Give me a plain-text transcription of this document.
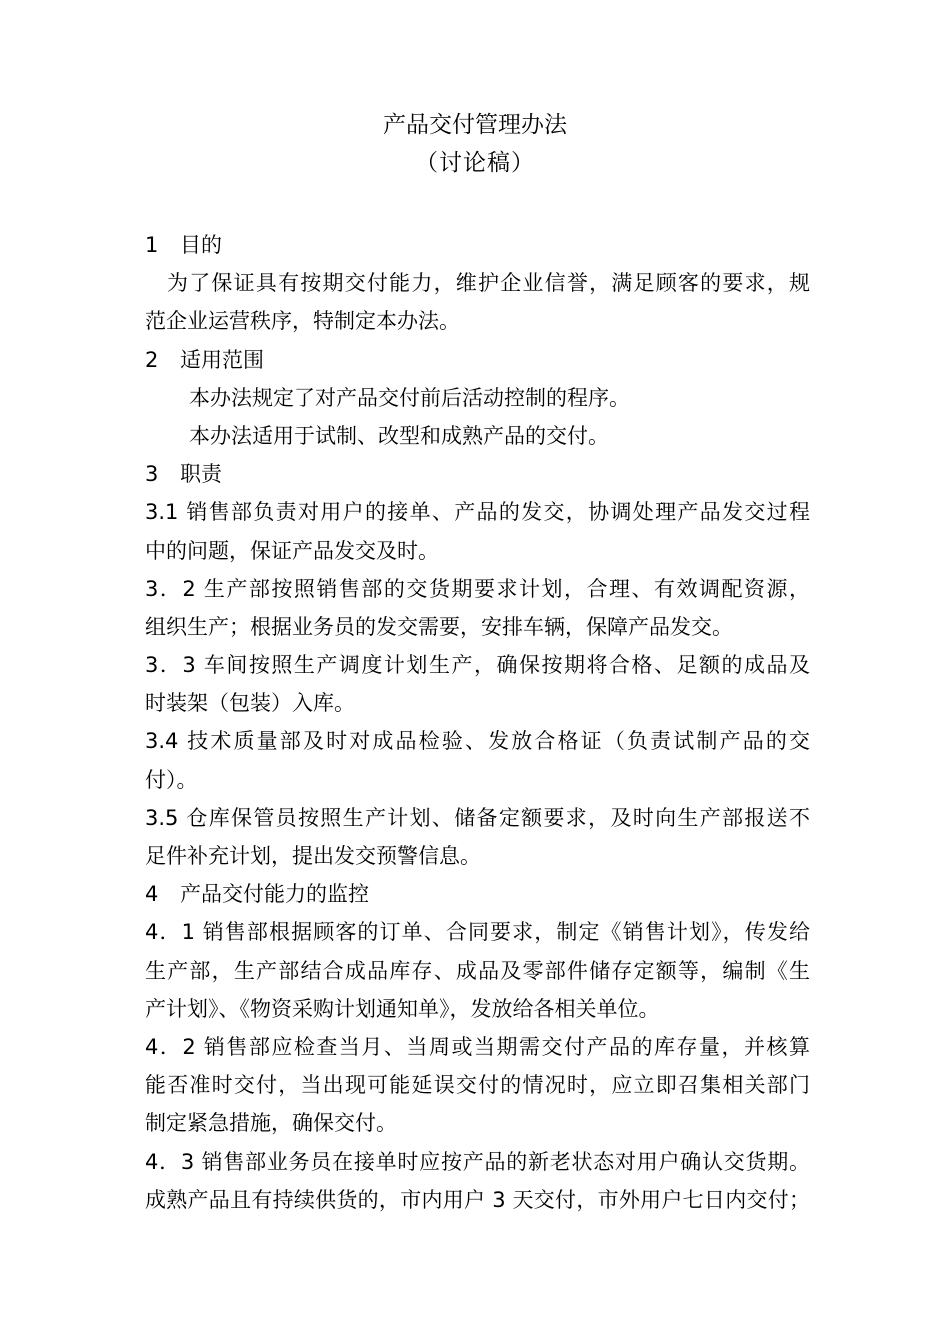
产品交付管理办法
（讨论稿）
1 目的
为了保证具有按期交付能力，维护企业信誉，满足顾客的要求，规
范企业运营秩序，特制定本办法。
2 适用范围
本办法规定了对产品交付前后活动控制的程序。
本办法适用于试制、改型和成熟产品的交付。
3 职责
3.1 销售部负责对用户的接单、产品的发交，协调处理产品发交过程
中的问题，保证产品发交及时。
3．2 生产部按照销售部的交货期要求计划，合理、有效调配资源，
组织生产；根据业务员的发交需要，安排车辆，保障产品发交。
3．3 车间按照生产调度计划生产，确保按期将合格、足额的成品及
时装架（包装）入库。
3.4 技术质量部及时对成品检验、发放合格证（负责试制产品的交
付）。
3.5 仓库保管员按照生产计划、储备定额要求，及时向生产部报送不
足件补充计划，提出发交预警信息。
4 产品交付能力的监控
4．1 销售部根据顾客的订单、合同要求，制定《销售计划》，传发给
生产部，生产部结合成品库存、成品及零部件储存定额等，编制《生
产计划》、《物资采购计划通知单》，发放给各相关单位。
4．2 销售部应检查当月、当周或当期需交付产品的库存量，并核算
能否准时交付，当出现可能延误交付的情况时，应立即召集相关部门
制定紧急措施，确保交付。
4．3 销售部业务员在接单时应按产品的新老状态对用户确认交货期。
成熟产品且有持续供货的，市内用户 3 天交付，市外用户七日内交付；
